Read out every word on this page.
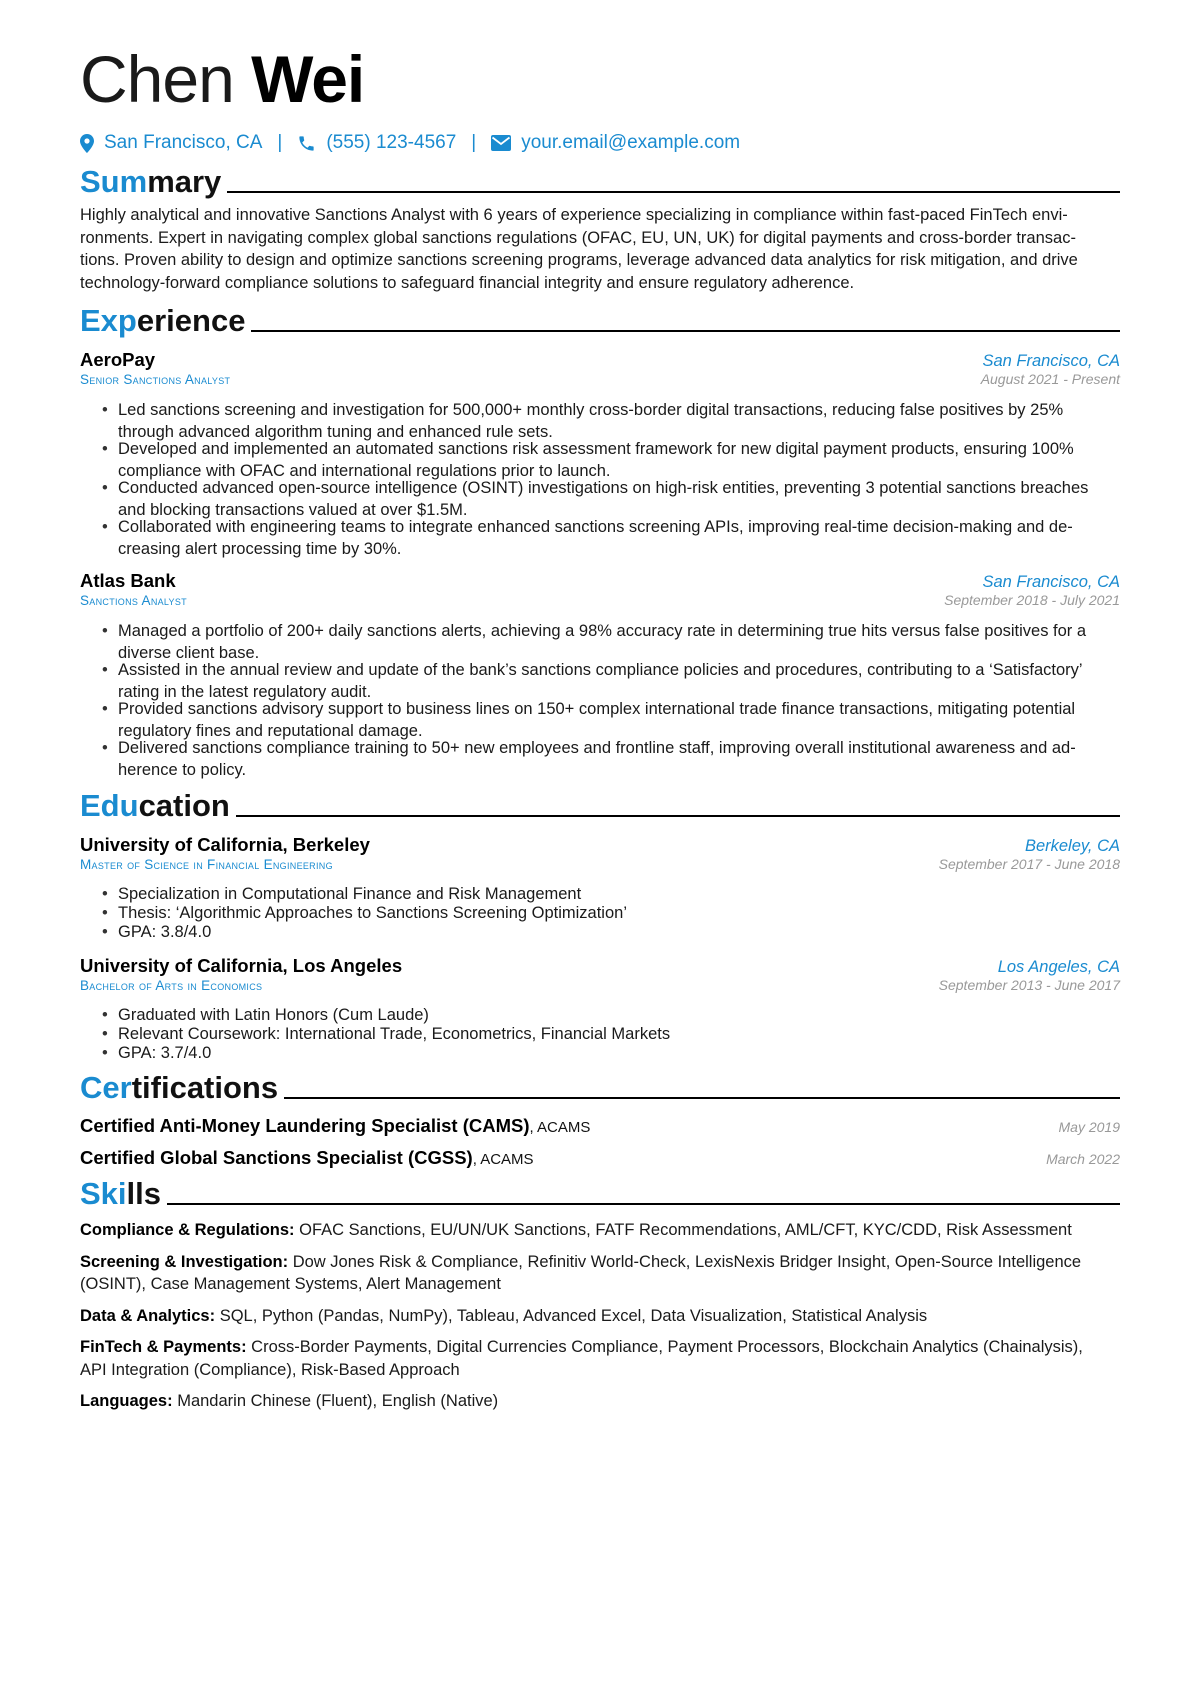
Chen Wei
San Francisco, CA | (555) 123-4567 | your.email@example.com
Summary

Highly analytical and innovative Sanctions Analyst with 6 years of experience specializing in compliance within fast-paced FinTech envi-

ronments. Expert in navigating complex global sanctions regulations (OFAC, EU, UN, UK) for digital payments and cross-border transac-

tions. Proven ability to design and optimize sanctions screening programs, leverage advanced data analytics for risk mitigation, and drive

technology-forward compliance solutions to safeguard financial integrity and ensure regulatory adherence.

Experience
AeroPay	San Francisco, CA
Senior Sanctions Analyst	August 2021 - Present
• Led sanctions screening and investigation for 500,000+ monthly cross-border digital transactions, reducing false positives by 25%
through advanced algorithm tuning and enhanced rule sets.
• Developed and implemented an automated sanctions risk assessment framework for new digital payment products, ensuring 100%
compliance with OFAC and international regulations prior to launch.
• Conducted advanced open-source intelligence (OSINT) investigations on high-risk entities, preventing 3 potential sanctions breaches
and blocking transactions valued at over $1.5M.
• Collaborated with engineering teams to integrate enhanced sanctions screening APIs, improving real-time decision-making and de-
creasing alert processing time by 30%.
Atlas Bank	San Francisco, CA
Sanctions Analyst	September 2018 - July 2021
• Managed a portfolio of 200+ daily sanctions alerts, achieving a 98% accuracy rate in determining true hits versus false positives for a
diverse client base.
• Assisted in the annual review and update of the bank’s sanctions compliance policies and procedures, contributing to a ‘Satisfactory’
rating in the latest regulatory audit.
• Provided sanctions advisory support to business lines on 150+ complex international trade finance transactions, mitigating potential
regulatory fines and reputational damage.
• Delivered sanctions compliance training to 50+ new employees and frontline staff, improving overall institutional awareness and ad-
herence to policy.
Education
University of California, Berkeley	Berkeley, CA
Master of Science in Financial Engineering	September 2017 - June 2018
• Specialization in Computational Finance and Risk Management
• Thesis: ‘Algorithmic Approaches to Sanctions Screening Optimization’
• GPA: 3.8/4.0
University of California, Los Angeles	Los Angeles, CA
Bachelor of Arts in Economics	September 2013 - June 2017
• Graduated with Latin Honors (Cum Laude)
• Relevant Coursework: International Trade, Econometrics, Financial Markets
• GPA: 3.7/4.0
Certifications
Certified Anti-Money Laundering Specialist (CAMS), ACAMS	May 2019
Certified Global Sanctions Specialist (CGSS), ACAMS	March 2022
Skills

Compliance & Regulations: OFAC Sanctions, EU/UN/UK Sanctions, FATF Recommendations, AML/CFT, KYC/CDD, Risk Assessment

Screening & Investigation: Dow Jones Risk & Compliance, Refinitiv World-Check, LexisNexis Bridger Insight, Open-Source Intelligence
(OSINT), Case Management Systems, Alert Management

Data & Analytics: SQL, Python (Pandas, NumPy), Tableau, Advanced Excel, Data Visualization, Statistical Analysis

FinTech & Payments: Cross-Border Payments, Digital Currencies Compliance, Payment Processors, Blockchain Analytics (Chainalysis),
API Integration (Compliance), Risk-Based Approach

Languages: Mandarin Chinese (Fluent), English (Native)
